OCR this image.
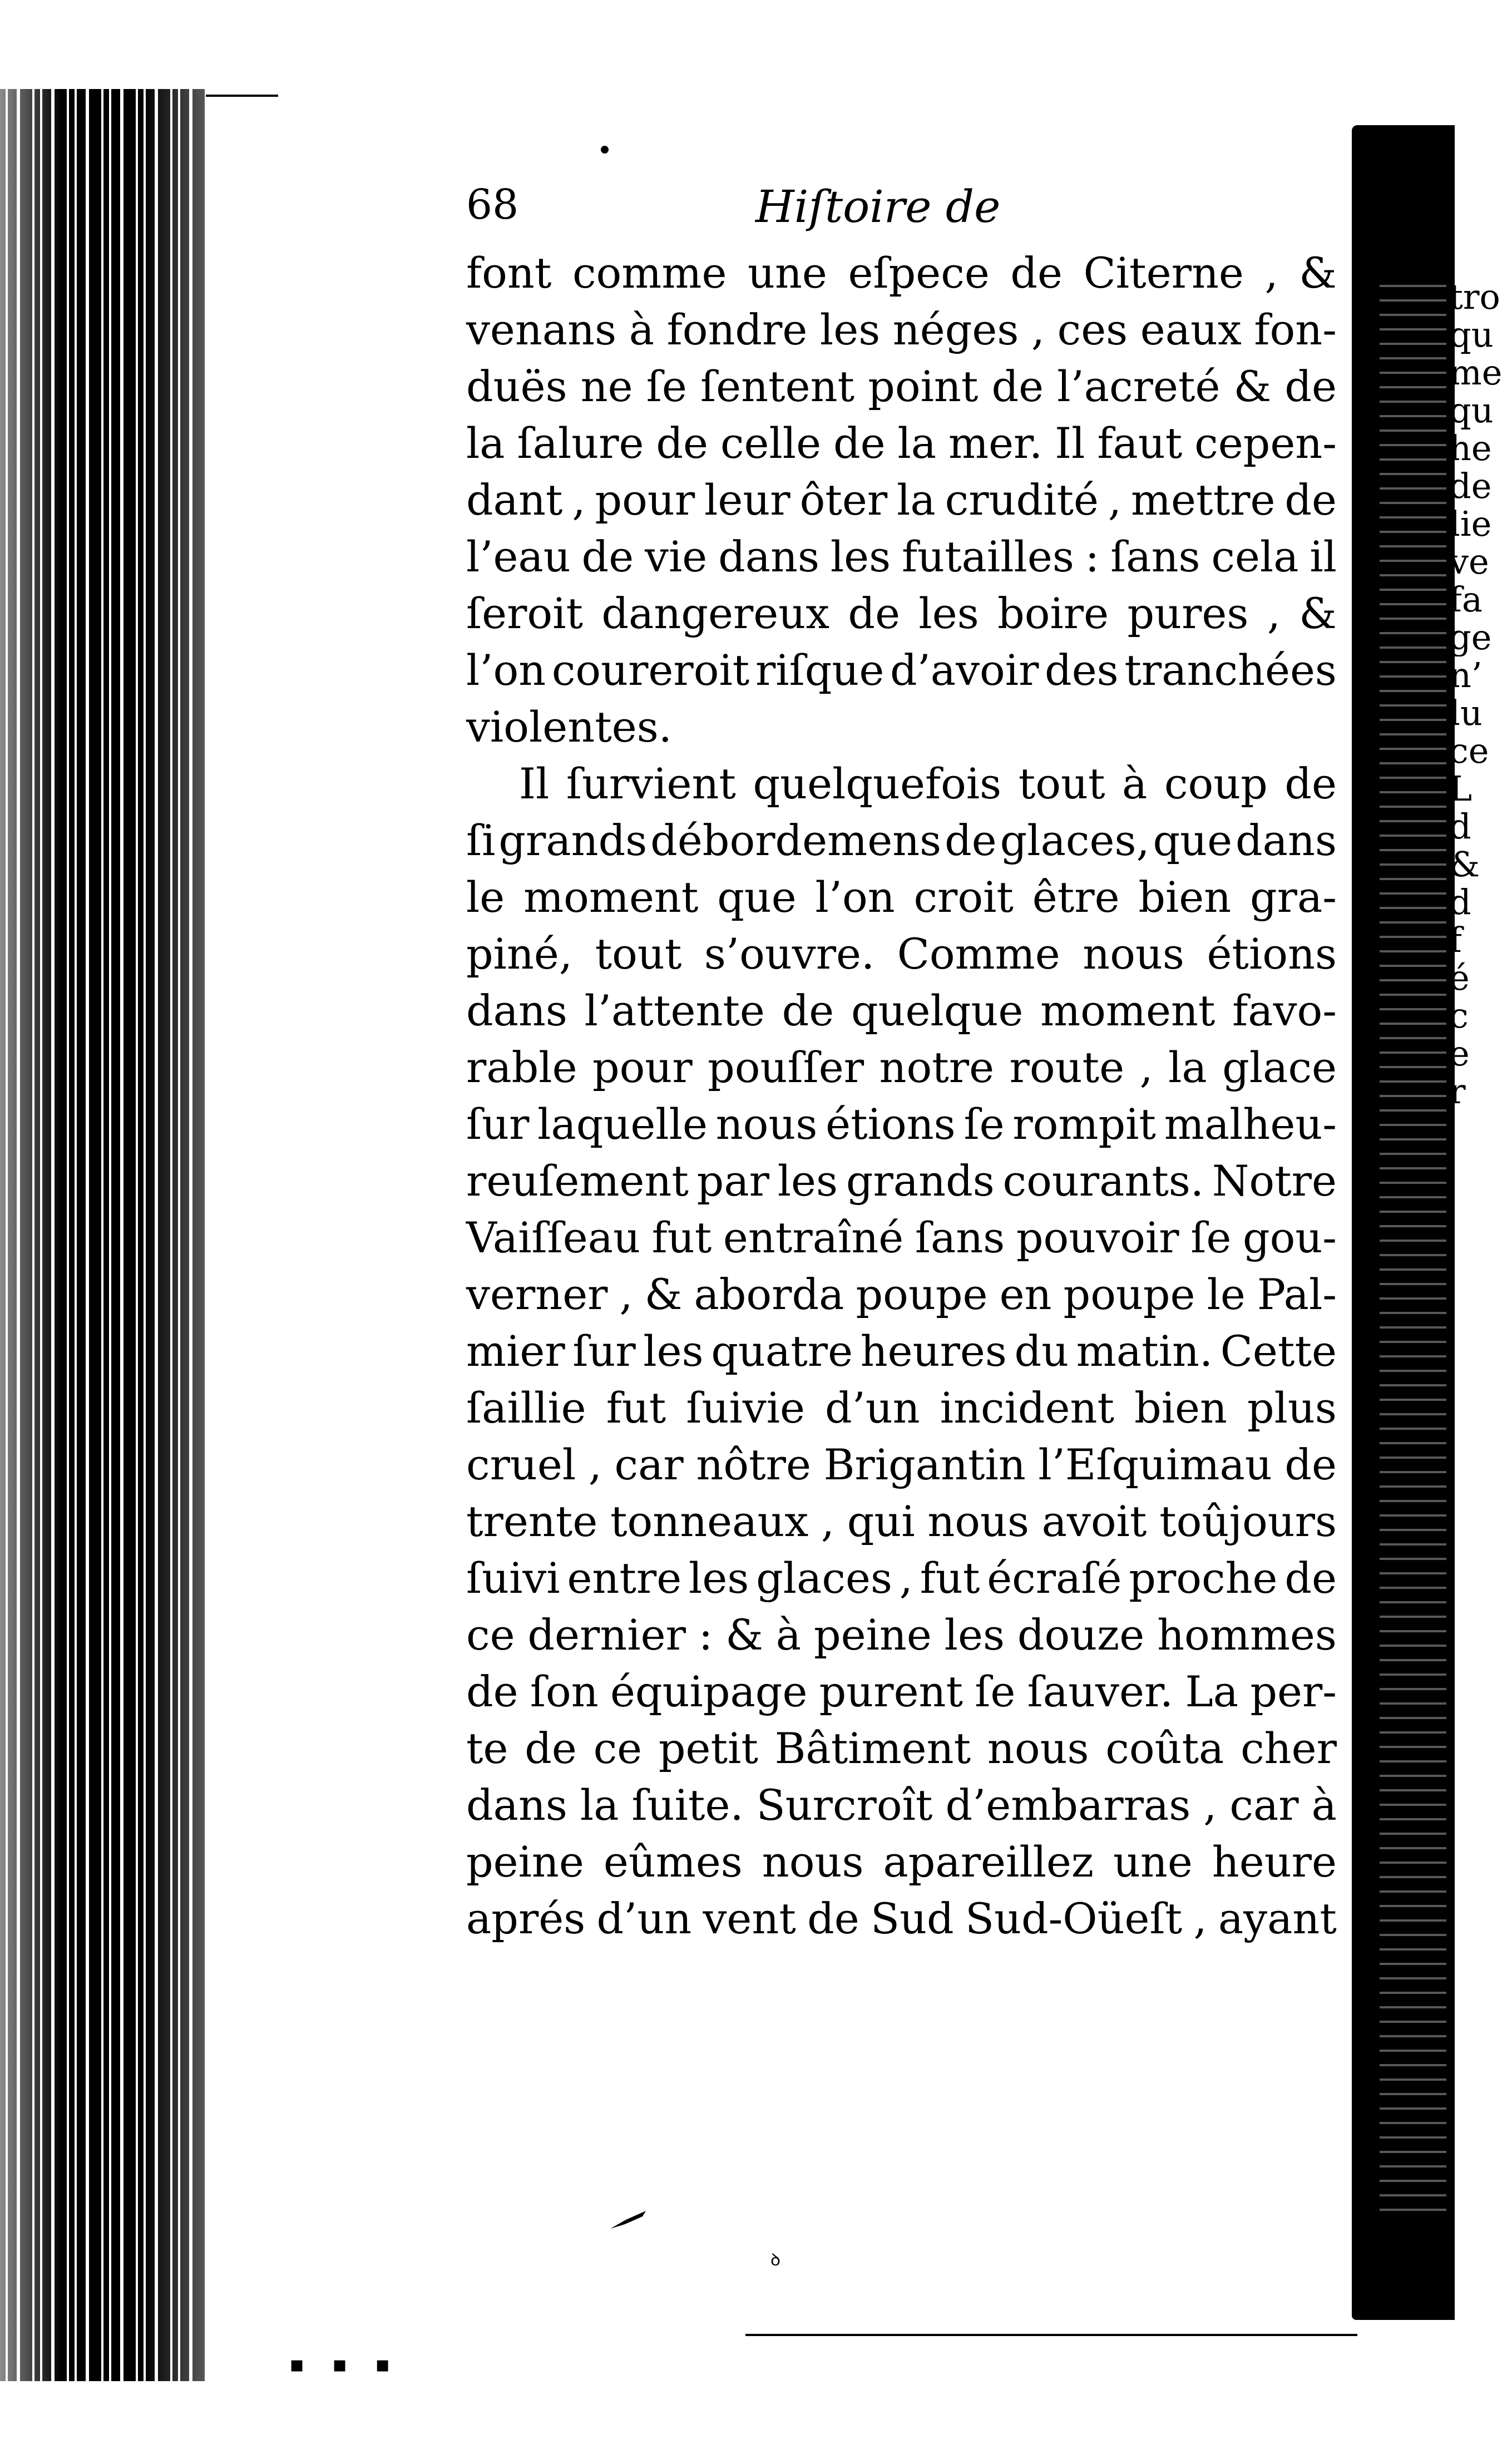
tro
qu
me
qu
he
de
lie
ve
fa
ge
n’
lu
ce
L
d
&
d
f
é
c
e
r
68	Hiſtoire de
font comme une eſpece de Citerne , &
venans à fondre les néges , ces eaux fon-
duës ne ſe ſentent point de l’acreté & de
la ſalure de celle de la mer. Il faut cepen-
dant , pour leur ôter la crudité , mettre de
l’eau de vie dans les futailles : ſans cela il
ſeroit dangereux de les boire pures , &
l’on coureroit riſque d’avoir des tranchées
violentes.
Il ſurvient quelquefois tout à coup de
ſi grands débordemens de glaces, que dans
le moment que l’on croit être bien gra-
piné, tout s’ouvre. Comme nous étions
dans l’attente de quelque moment favo-
rable pour pouſſer notre route , la glace
ſur laquelle nous étions ſe rompit malheu-
reuſement par les grands courants. Notre
Vaiſſeau fut entraîné ſans pouvoir ſe gou-
verner , & aborda poupe en poupe le Pal-
mier ſur les quatre heures du matin. Cette
ſaillie fut ſuivie d’un incident bien plus
cruel , car nôtre Brigantin l’Eſquimau de
trente tonneaux , qui nous avoit toûjours
ſuivi entre les glaces , fut écraſé proche de
ce dernier : & à peine les douze hommes
de ſon équipage purent ſe ſauver. La per-
te de ce petit Bâtiment nous coûta cher
dans la ſuite. Surcroît d’embarras , car à
peine eûmes nous apareillez une heure
aprés d’un vent de Sud Sud-Oüeſt , ayant
ꝺ
▪ ▪ ▪
